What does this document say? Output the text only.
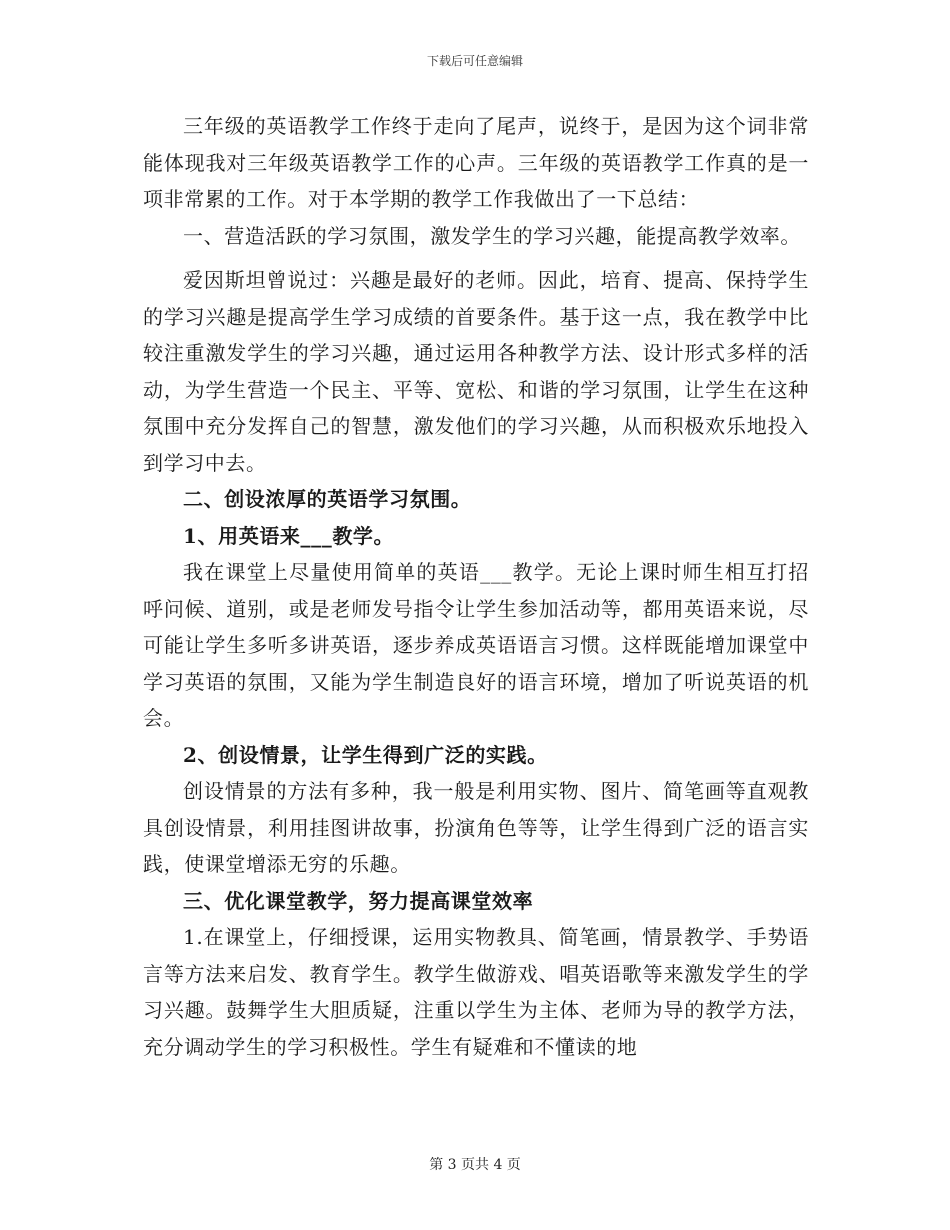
下载后可任意编辑

三年级的英语教学工作终于走向了尾声，说终于，是因为这个词非常能体现我对三年级英语教学工作的心声。三年级的英语教学工作真的是一项非常累的工作。对于本学期的教学工作我做出了一下总结：

一、营造活跃的学习氛围，激发学生的学习兴趣，能提高教学效率。

爱因斯坦曾说过：兴趣是最好的老师。因此，培育、提高、保持学生的学习兴趣是提高学生学习成绩的首要条件。基于这一点，我在教学中比较注重激发学生的学习兴趣，通过运用各种教学方法、设计形式多样的活动，为学生营造一个民主、平等、宽松、和谐的学习氛围，让学生在这种氛围中充分发挥自己的智慧，激发他们的学习兴趣，从而积极欢乐地投入到学习中去。

二、创设浓厚的英语学习氛围。

1、用英语来___教学。

我在课堂上尽量使用简单的英语___教学。无论上课时师生相互打招呼问候、道别，或是老师发号指令让学生参加活动等，都用英语来说，尽可能让学生多听多讲英语，逐步养成英语语言习惯。这样既能增加课堂中学习英语的氛围，又能为学生制造良好的语言环境，增加了听说英语的机会。

2、创设情景，让学生得到广泛的实践。

创设情景的方法有多种，我一般是利用实物、图片、简笔画等直观教具创设情景，利用挂图讲故事，扮演角色等等，让学生得到广泛的语言实践，使课堂增添无穷的乐趣。

三、优化课堂教学，努力提高课堂效率

1.在课堂上，仔细授课，运用实物教具、简笔画，情景教学、手势语言等方法来启发、教育学生。教学生做游戏、唱英语歌等来激发学生的学习兴趣。鼓舞学生大胆质疑，注重以学生为主体、老师为导的教学方法，充分调动学生的学习积极性。学生有疑难和不懂读的地

第 3 页共 4 页
